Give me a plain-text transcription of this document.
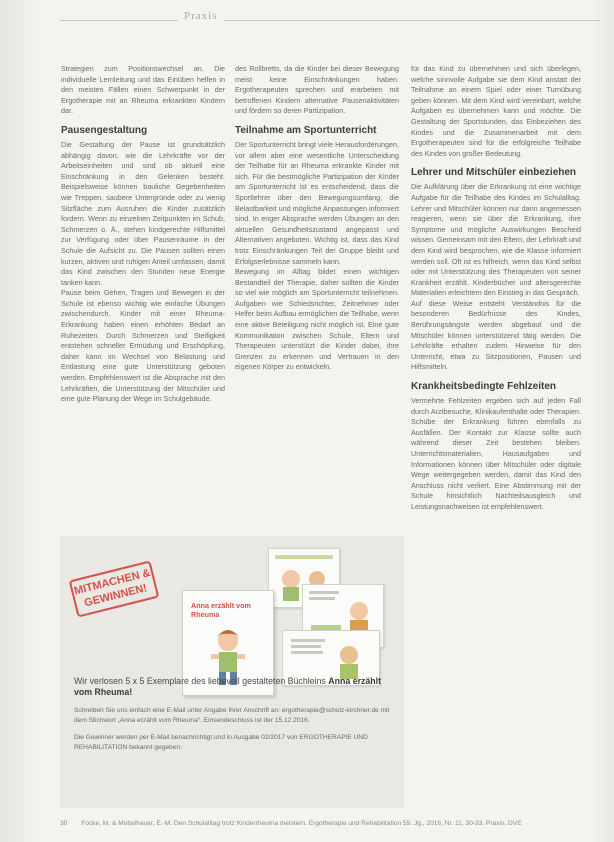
Praxis

Strategien zum Positionswechsel an. Die individuelle Lernleitung und das Einüben helfen in den meisten Fällen einen Schwerpunkt in der Ergotherapie mit an Rheuma erkrankten Kindern dar.

Pausengestaltung

Die Gestaltung der Pause ist grundsätzlich abhängig davon, wie die Lehrkräfte vor der Arbeitseinheiten und sind ob aktuell eine Einschränkung in den Gelenken besteht. Beispielsweise können bauliche Gegebenheiten wie Treppen, saubere Untergründe oder zu wenig Sitzfläche zum Ausruhen die Kinder zusätzlich fordern. Wenn zu einzelnen Zeitpunkten im Schub, Schmerzen o. Ä., stehen kindgerechte Hilfsmittel zur Verfügung oder über Pausenräume in der Schule die Aufsicht zu. Die Pausen sollten einen kurzen, aktiven und ruhigen Anteil umfassen, damit das Kind zwischen den Stunden neue Energie tanken kann.

Pause beim Gehen, Tragen und Bewegen in der Schule ist ebenso wichtig wie einfache Übungen zwischendurch. Kinder mit einer Rheuma-Erkrankung haben einen erhöhten Bedarf an Ruhezeiten. Durch Schmerzen und Steifigkeit entstehen schneller Ermüdung und Erschöpfung, daher kann im Wechsel von Belastung und Entlastung eine gute Unterstützung geboten werden. Empfehlenswert ist die Absprache mit den Lehrkräften, die Unterstützung der Mitschüler und eine gute Planung der Wege im Schulgebäude.

des Rollbretts, da die Kinder bei dieser Bewegung meist keine Einschränkungen haben. Ergotherapeuten sprechen und erarbeiten mit betroffenen Kindern alternative Pausenaktivitäten und fördern so deren Partizipation.

Teilnahme am Sportunterricht

Der Sportunterricht bringt viele Herausforderungen, vor allem aber eine wesentliche Unterscheidung der Teilhabe für an Rheuma erkrankte Kinder mit sich. Für die bestmögliche Partizipation der Kinder am Sportunterricht ist es entscheidend, dass die Sportlehrer über den Bewegungsumfang, die Belastbarkeit und mögliche Anpassungen informiert sind. In enger Absprache werden Übungen an den aktuellen Gesundheitszustand angepasst und Alternativen angeboten. Wichtig ist, dass das Kind trotz Einschränkungen Teil der Gruppe bleibt und Erfolgserlebnisse sammeln kann.

Bewegung im Alltag bildet einen wichtigen Bestandteil der Therapie, daher sollten die Kinder so viel wie möglich am Sportunterricht teilnehmen. Aufgaben wie Schiedsrichter, Zeitnehmer oder Helfer beim Aufbau ermöglichen die Teilhabe, wenn eine aktive Beteiligung nicht möglich ist. Eine gute Kommunikation zwischen Schule, Eltern und Therapeuten unterstützt die Kinder dabei, ihre Grenzen zu erkennen und Vertrauen in den eigenen Körper zu entwickeln.

für das Kind zu übernehmen und sich überlegen, welche sinnvolle Aufgabe sie dem Kind anstatt der Teilnahme an einem Spiel oder einer Turnübung geben können. Mit dem Kind wird vereinbart, welche Aufgaben es übernehmen kann und möchte. Die Gestaltung der Sportstunden, das Einbeziehen des Kindes und die Zusammenarbeit mit dem Ergotherapeuten sind für die erfolgreiche Teilhabe des Kindes von großer Bedeutung.

Lehrer und Mitschüler einbeziehen

Die Aufklärung über die Erkrankung ist eine wichtige Aufgabe für die Teilhabe des Kindes im Schulalltag. Lehrer und Mitschüler können nur dann angemessen reagieren, wenn sie über die Erkrankung, ihre Symptome und mögliche Auswirkungen Bescheid wissen. Gemeinsam mit den Eltern, der Lehrkraft und dem Kind wird besprochen, wie die Klasse informiert werden soll. Oft ist es hilfreich, wenn das Kind selbst oder mit Unterstützung des Therapeuten von seiner Krankheit erzählt. Kinderbücher und altersgerechte Materialien erleichtern den Einstieg in das Gespräch.

Auf diese Weise entsteht Verständnis für die besonderen Bedürfnisse des Kindes, Berührungsängste werden abgebaut und die Mitschüler können unterstützend tätig werden. Die Lehrkräfte erhalten zudem Hinweise für den Unterricht, etwa zu Sitzpositionen, Pausen und Hilfsmitteln.

Krankheitsbedingte Fehlzeiten

Vermehrte Fehlzeiten ergeben sich auf jeden Fall durch Arztbesuche, Klinikaufenthalte oder Therapien. Schübe der Erkrankung führen ebenfalls zu Ausfällen. Der Kontakt zur Klasse sollte auch während dieser Zeit bestehen bleiben. Unterrichtsmaterialien, Hausaufgaben und Informationen können über Mitschüler oder digitale Wege weitergegeben werden, damit das Kind den Anschluss nicht verliert. Eine Abstimmung mit der Schule hinsichtlich Nachteilsausgleich und Leistungsnachweisen ist empfehlenswert.

MITMACHEN & GEWINNEN!	Anna erzählt vom Rheuma
Wir verlosen 5 x 5 Exemplare des liebevoll gestalteten Büchleins Anna erzählt vom Rheuma!

Schreiben Sie uns einfach eine E-Mail unter Angabe Ihrer Anschrift an: ergotherapie@schulz-kirchner.de mit dem Stichwort „Anna erzählt vom Rheuma“. Einsendeschluss ist der 15.12.2016.

Die Gewinner werden per E-Mail benachrichtigt und in Ausgabe 02/2017 von ERGOTHERAPIE UND REHABILITATION bekannt gegeben.

30 Focke, M. & Mottelhauer, E.-M. Den Schulalltag trotz Kinderrheuma meistern. Ergotherapie und Rehabilitation 55. Jg., 2016, Nr. 11, 30-33. Praxis, DVE
